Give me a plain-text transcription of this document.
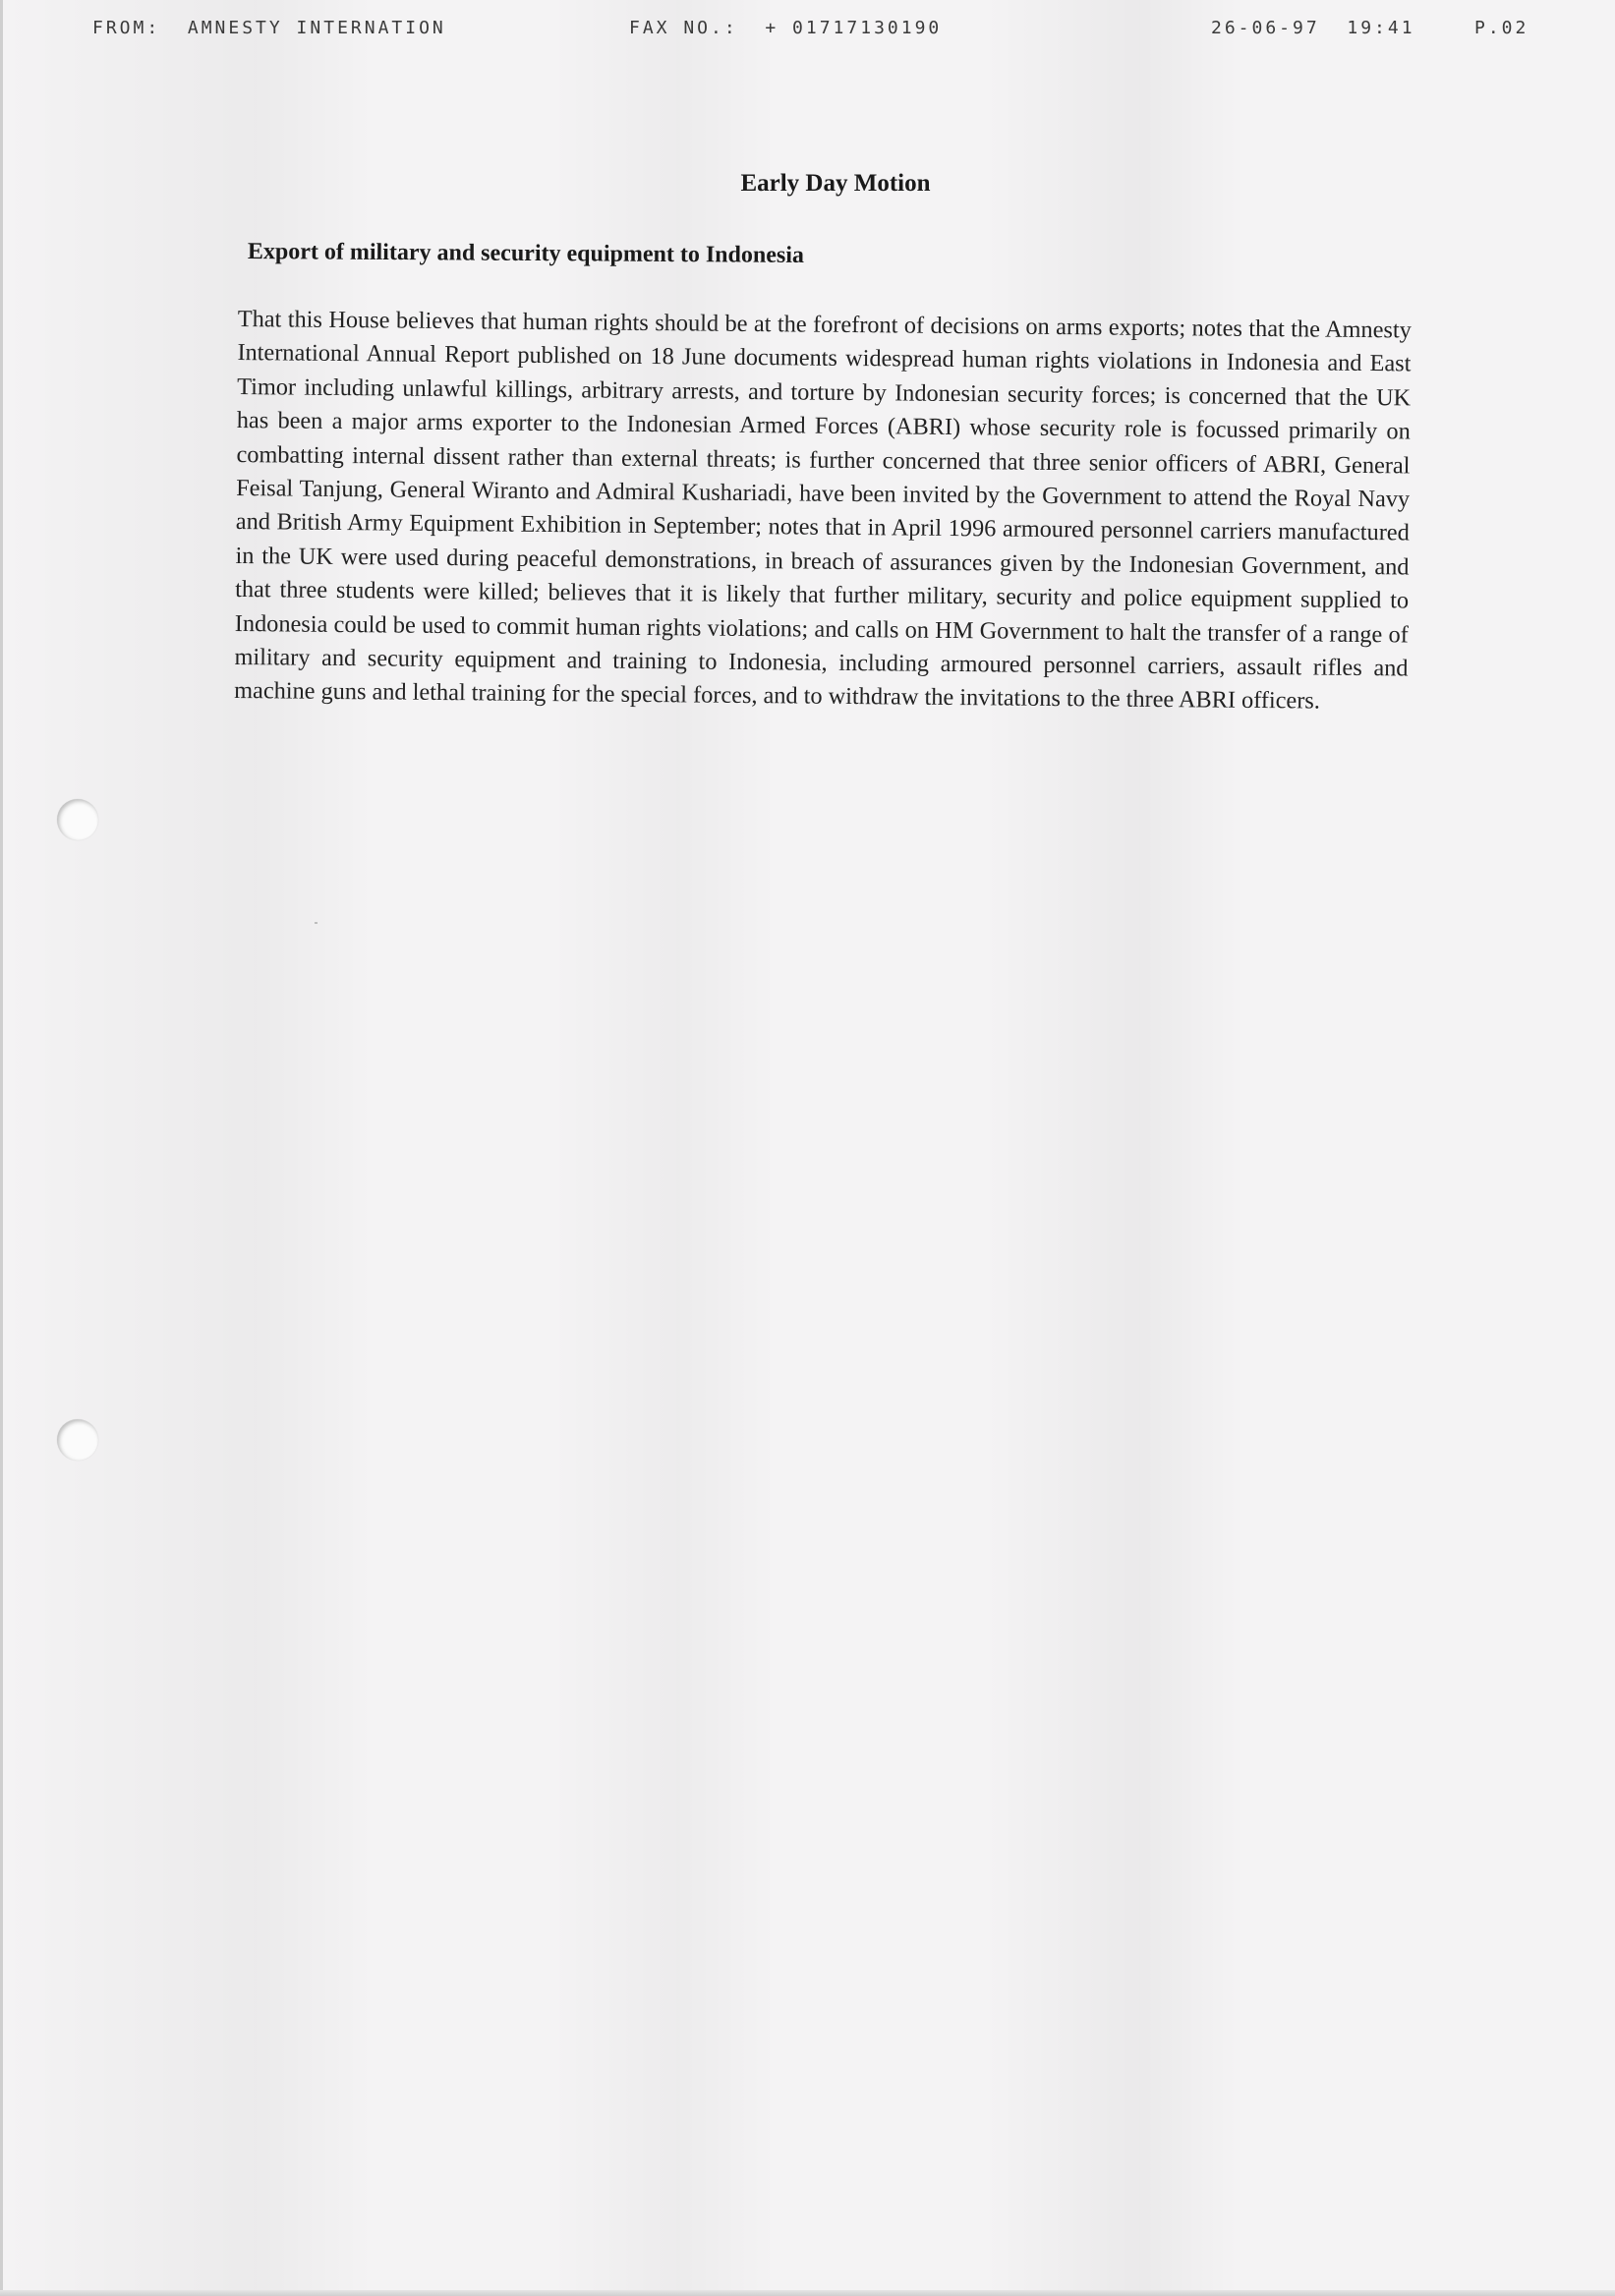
FROM:  AMNESTY INTERNATION	FAX NO.:  + 01717130190	26-06-97  19:41	P.02
Early Day Motion
Export of military and security equipment to Indonesia
That this House believes that human rights should be at the forefront of decisions on arms exports; notes that the Amnesty International Annual Report published on 18 June documents widespread human rights violations in Indonesia and East Timor including unlawful killings, arbitrary arrests, and torture by Indonesian security forces; is concerned that the UK has been a major arms exporter to the Indonesian Armed Forces (ABRI) whose security role is focussed primarily on combatting internal dissent rather than external threats; is further concerned that three senior officers of ABRI, General Feisal Tanjung, General Wiranto and Admiral Kushariadi, have been invited by the Government to attend the Royal Navy and British Army Equipment Exhibition in September; notes that in April 1996 armoured personnel carriers manufactured in the UK were used during peaceful demonstrations, in breach of assurances given by the Indonesian Government, and that three students were killed; believes that it is likely that further military, security and police equipment supplied to Indonesia could be used to commit human rights violations; and calls on HM Government to halt the transfer of a range of military and security equipment and training to Indonesia, including armoured personnel carriers, assault rifles and machine guns and lethal training for the special forces, and to withdraw the invitations to the three ABRI officers.
